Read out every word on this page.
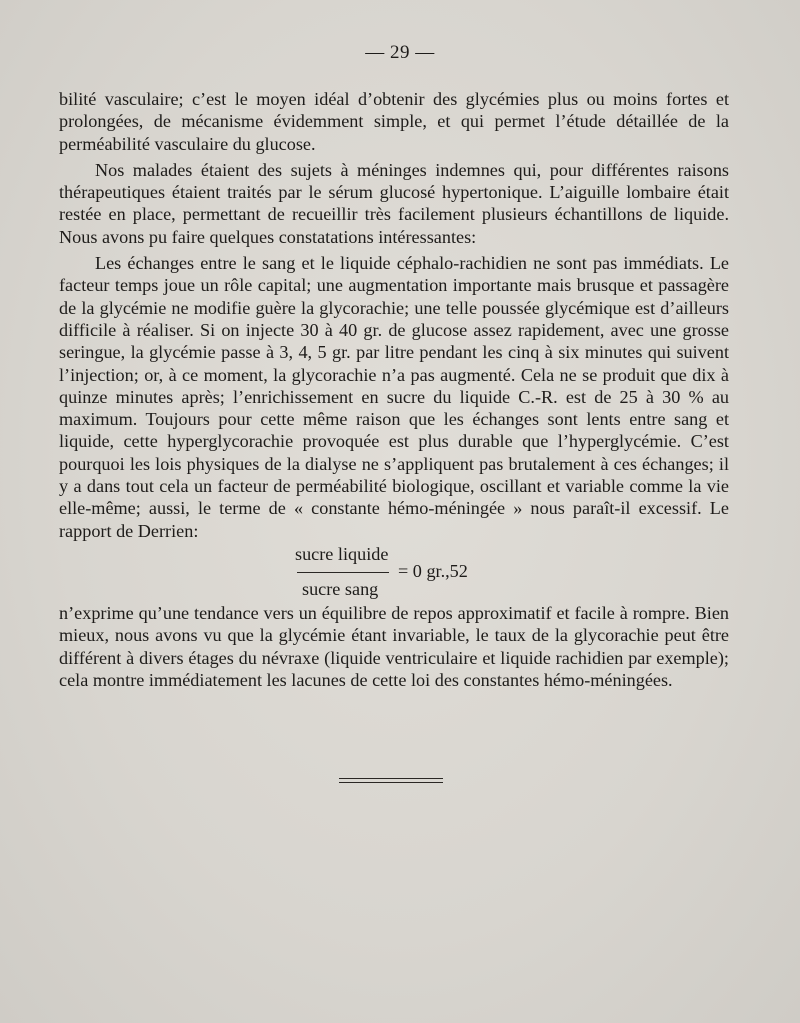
— 29 —

bilité vasculaire; c’est le moyen idéal d’obtenir des glycémies plus ou moins fortes et prolongées, de mécanisme évidemment simple, et qui permet l’étude détaillée de la perméabilité vasculaire du glucose.

Nos malades étaient des sujets à méninges indemnes qui, pour différentes raisons thérapeutiques étaient traités par le sérum glucosé hypertonique. L’aiguille lombaire était restée en place, permettant de recueillir très facilement plusieurs échantillons de liquide. Nous avons pu faire quelques constatations intéressantes:

Les échanges entre le sang et le liquide céphalo-rachidien ne sont pas immédiats. Le facteur temps joue un rôle capital; une augmentation importante mais brusque et passagère de la glycémie ne modifie guère la glycorachie; une telle poussée glycémique est d’ailleurs difficile à réaliser. Si on injecte 30 à 40 gr. de glucose assez rapidement, avec une grosse seringue, la glycémie passe à 3, 4, 5 gr. par litre pendant les cinq à six minutes qui suivent l’injection; or, à ce moment, la glycorachie n’a pas augmenté. Cela ne se produit que dix à quinze minutes après; l’enrichissement en sucre du liquide C.-R. est de 25 à 30 % au maximum. Toujours pour cette même raison que les échanges sont lents entre sang et liquide, cette hyperglycorachie provoquée est plus durable que l’hyperglycémie. C’est pourquoi les lois physiques de la dialyse ne s’appliquent pas brutalement à ces échanges; il y a dans tout cela un facteur de perméabilité biologique, oscillant et variable comme la vie elle-même; aussi, le terme de « constante hémo-méningée » nous paraît-il excessif. Le rapport de Derrien:

sucre liquide
= 0 gr.,52
sucre sang

n’exprime qu’une tendance vers un équilibre de repos approximatif et facile à rompre. Bien mieux, nous avons vu que la glycémie étant invariable, le taux de la glycorachie peut être différent à divers étages du névraxe (liquide ventriculaire et liquide rachidien par exemple); cela montre immédiatement les lacunes de cette loi des constantes hémo-méningées.
